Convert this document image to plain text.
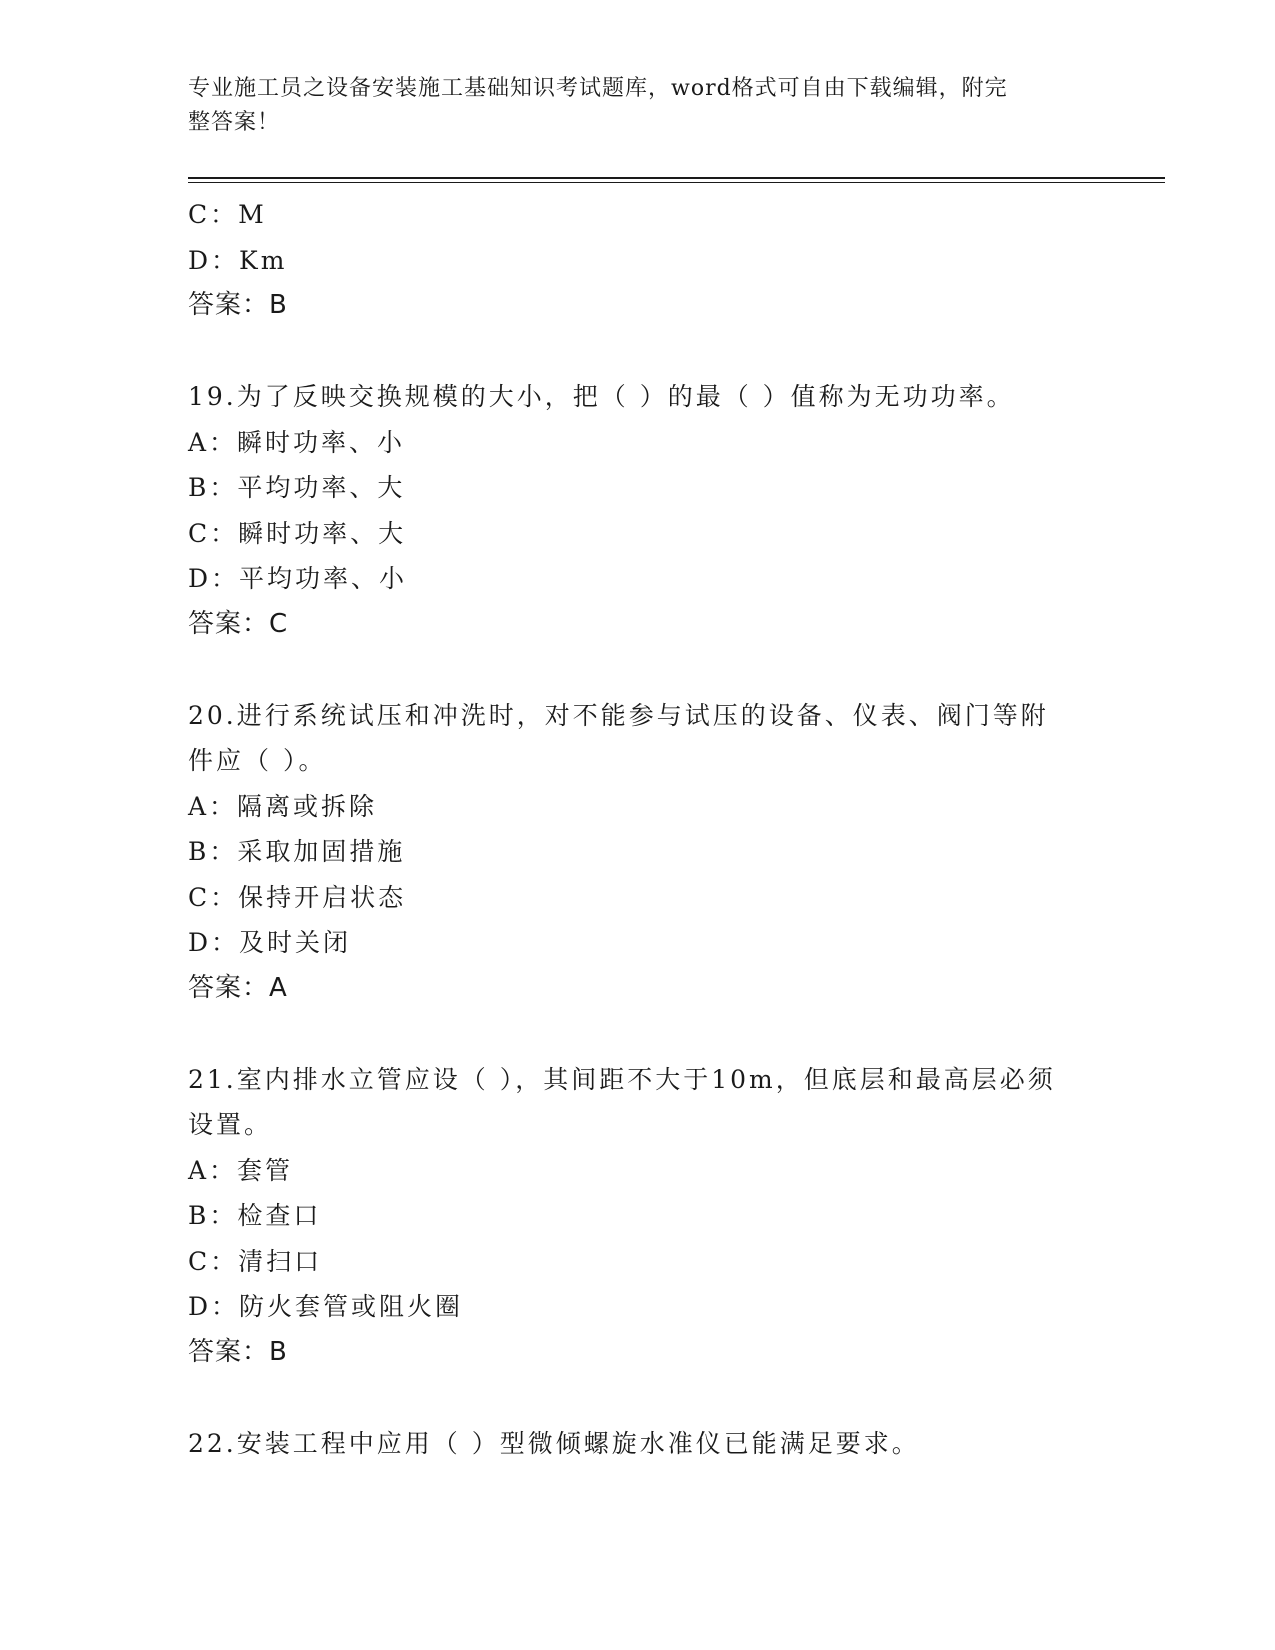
专业施工员之设备安装施工基础知识考试题库，word格式可自由下载编辑，附完
整答案！
C：M
D：Km
答案：B
19.为了反映交换规模的大小，把（ ）的最（ ）值称为无功功率。
A：瞬时功率、小
B：平均功率、大
C：瞬时功率、大
D：平均功率、小
答案：C
20.进行系统试压和冲洗时，对不能参与试压的设备、仪表、阀门等附
件应（ ）。
A：隔离或拆除
B：采取加固措施
C：保持开启状态
D：及时关闭
答案：A
21.室内排水立管应设（ ），其间距不大于10m，但底层和最高层必须
设置。
A：套管
B：检查口
C：清扫口
D：防火套管或阻火圈
答案：B
22.安装工程中应用（ ）型微倾螺旋水准仪已能满足要求。
